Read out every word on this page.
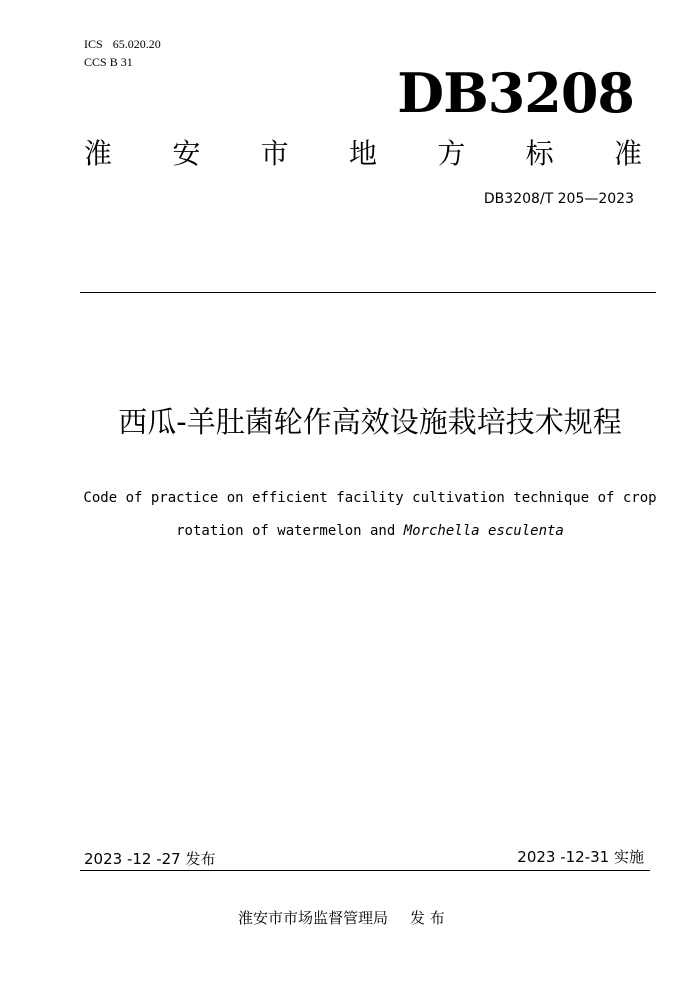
ICS 65.020.20
CCS B 31	DB3208
淮 安 市 地 方 标 准
DB3208/T 205—2023
西瓜-羊肚菌轮作高效设施栽培技术规程
Code of practice on efficient facility cultivation technique of crop
rotation of watermelon and Morchella esculenta
2023 -12 -27 发布	2023 -12-31 实施
淮安市市场监督管理局 发 布
